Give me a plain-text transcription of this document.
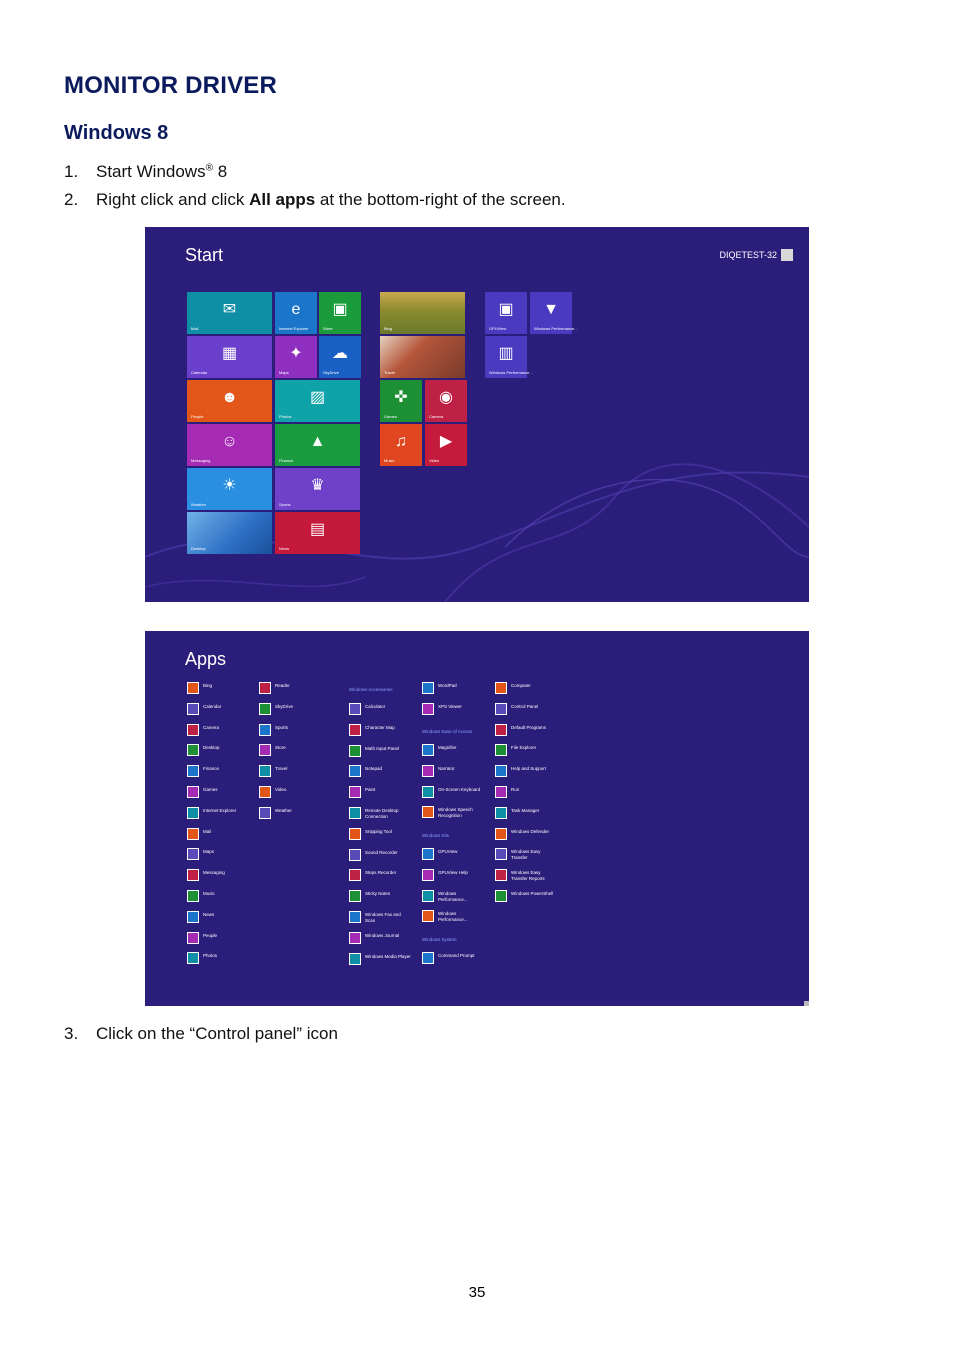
MONITOR DRIVER
Windows 8
1. Start Windows® 8
2. Right click and click All apps at the bottom-right of the screen.
Start	DIQETEST-32
✉
Mail
e
Internet Explorer
▣
Store
▦
Calendar
✦
Maps
☁
SkyDrive
☻
People
▨
Photos
☺
Messaging
▲
Finance
☀
Weather
♛
Sports
Desktop
▤
News
Bing
Travel
✜
Games
◉
Camera
♫
Music
▶
Video
▣
GPUView
▼
Windows Performance...
▥
Windows Performance...
Apps
Windows Accessories
Windows Ease of Access
Windows Kits
Windows System
Bing
Calendar
Camera
Desktop
Finance
Games
Internet Explorer
Mail
Maps
Messaging
Music
News
People
Photos
Reader
SkyDrive
Sports
Store
Travel
Video
Weather
Calculator
Character Map
Math Input Panel
Notepad
Paint
Remote Desktop Connection
Snipping Tool
Sound Recorder
Steps Recorder
Sticky Notes
Windows Fax and Scan
Windows Journal
Windows Media Player
WordPad
XPS Viewer
Magnifier
Narrator
On-Screen Keyboard
Windows Speech Recognition
GPUView
GPUView Help
Windows Performance...
Windows Performance...
Command Prompt
Computer
Control Panel
Default Programs
File Explorer
Help and Support
Run
Task Manager
Windows Defender
Windows Easy Transfer
Windows Easy Transfer Reports
Windows PowerShell
3. Click on the “Control panel” icon
35
